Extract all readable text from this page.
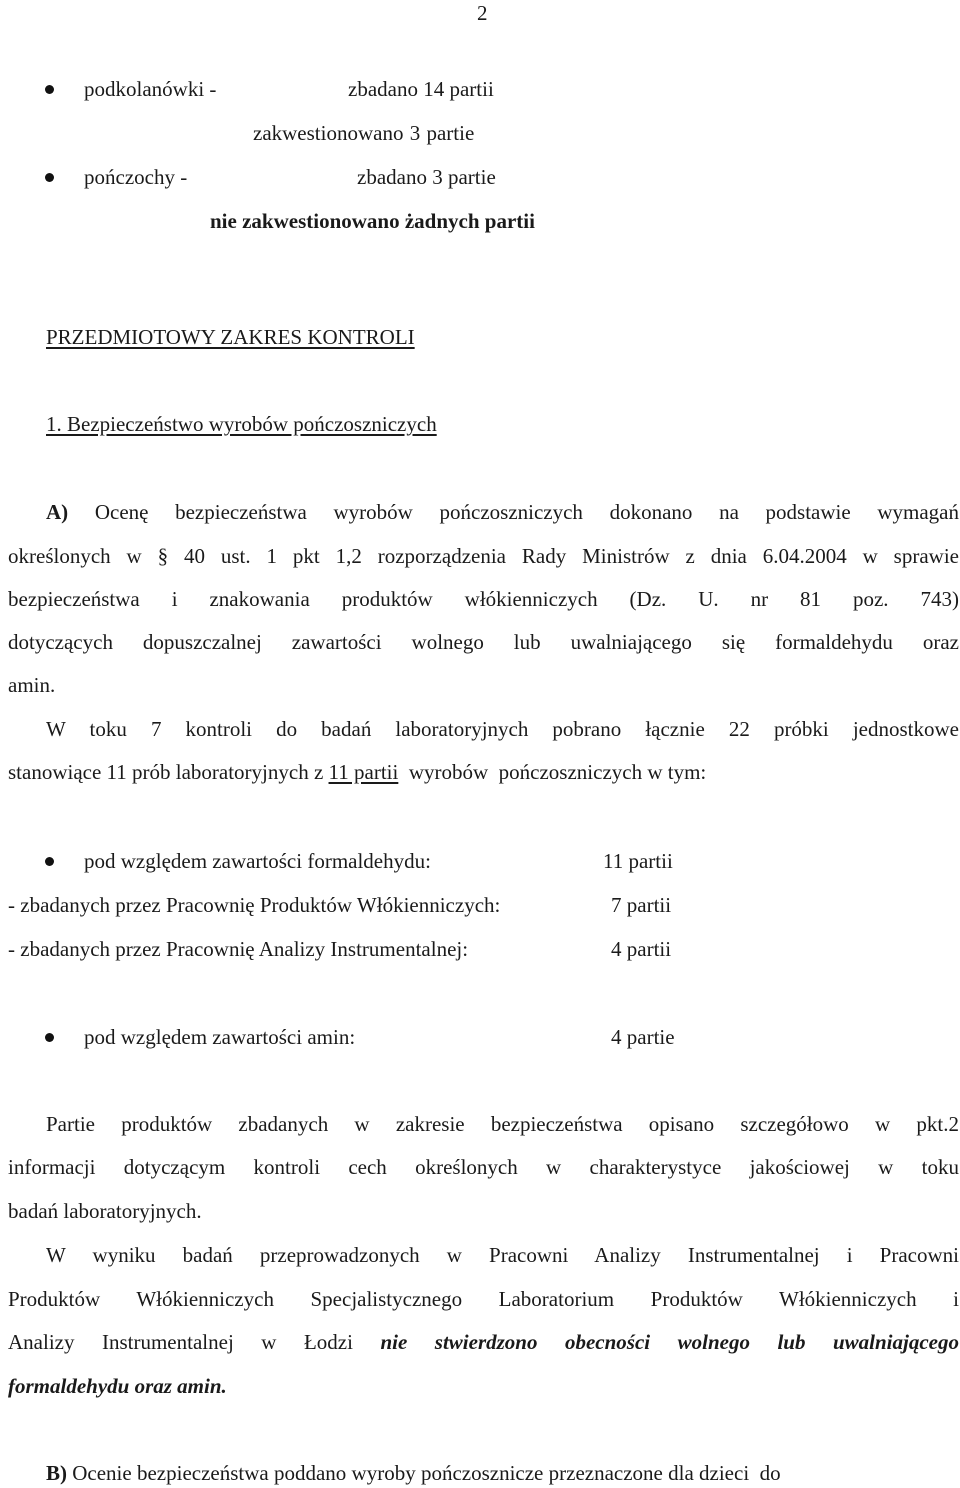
2
podkolanówki -	zbadano 14 partii
zakwestionowano 3 partie
pończochy -	zbadano 3 partie
nie zakwestionowano żadnych partii
PRZEDMIOTOWY ZAKRES KONTROLI
1. Bezpieczeństwo wyrobów pończoszniczych
A) Ocenę bezpieczeństwa wyrobów pończoszniczych dokonano na podstawie wymagań
określonych w § 40 ust. 1 pkt 1,2 rozporządzenia Rady Ministrów z dnia 6.04.2004 w sprawie
bezpieczeństwa i znakowania produktów włókienniczych (Dz. U. nr 81 poz. 743)
dotyczących dopuszczalnej zawartości wolnego lub uwalniającego się formaldehydu oraz
amin.
W toku 7 kontroli do badań laboratoryjnych pobrano łącznie 22 próbki jednostkowe
stanowiące 11 prób laboratoryjnych z 11 partii  wyrobów  pończoszniczych w tym:
pod względem zawartości formaldehydu:	11 partii
- zbadanych przez Pracownię Produktów Włókienniczych:	7 partii
- zbadanych przez Pracownię Analizy Instrumentalnej:	4 partii
pod względem zawartości amin:	4 partie
Partie produktów zbadanych w zakresie bezpieczeństwa opisano szczegółowo w pkt.2
informacji dotyczącym kontroli cech określonych w charakterystyce jakościowej w toku
badań laboratoryjnych.
W wyniku badań przeprowadzonych w Pracowni Analizy Instrumentalnej i Pracowni
Produktów Włókienniczych Specjalistycznego Laboratorium Produktów Włókienniczych i
Analizy Instrumentalnej w Łodzi nie stwierdzono obecności wolnego lub uwalniającego
formaldehydu oraz amin.
B) Ocenie bezpieczeństwa poddano wyroby pończosznicze przeznaczone dla dzieci  do
